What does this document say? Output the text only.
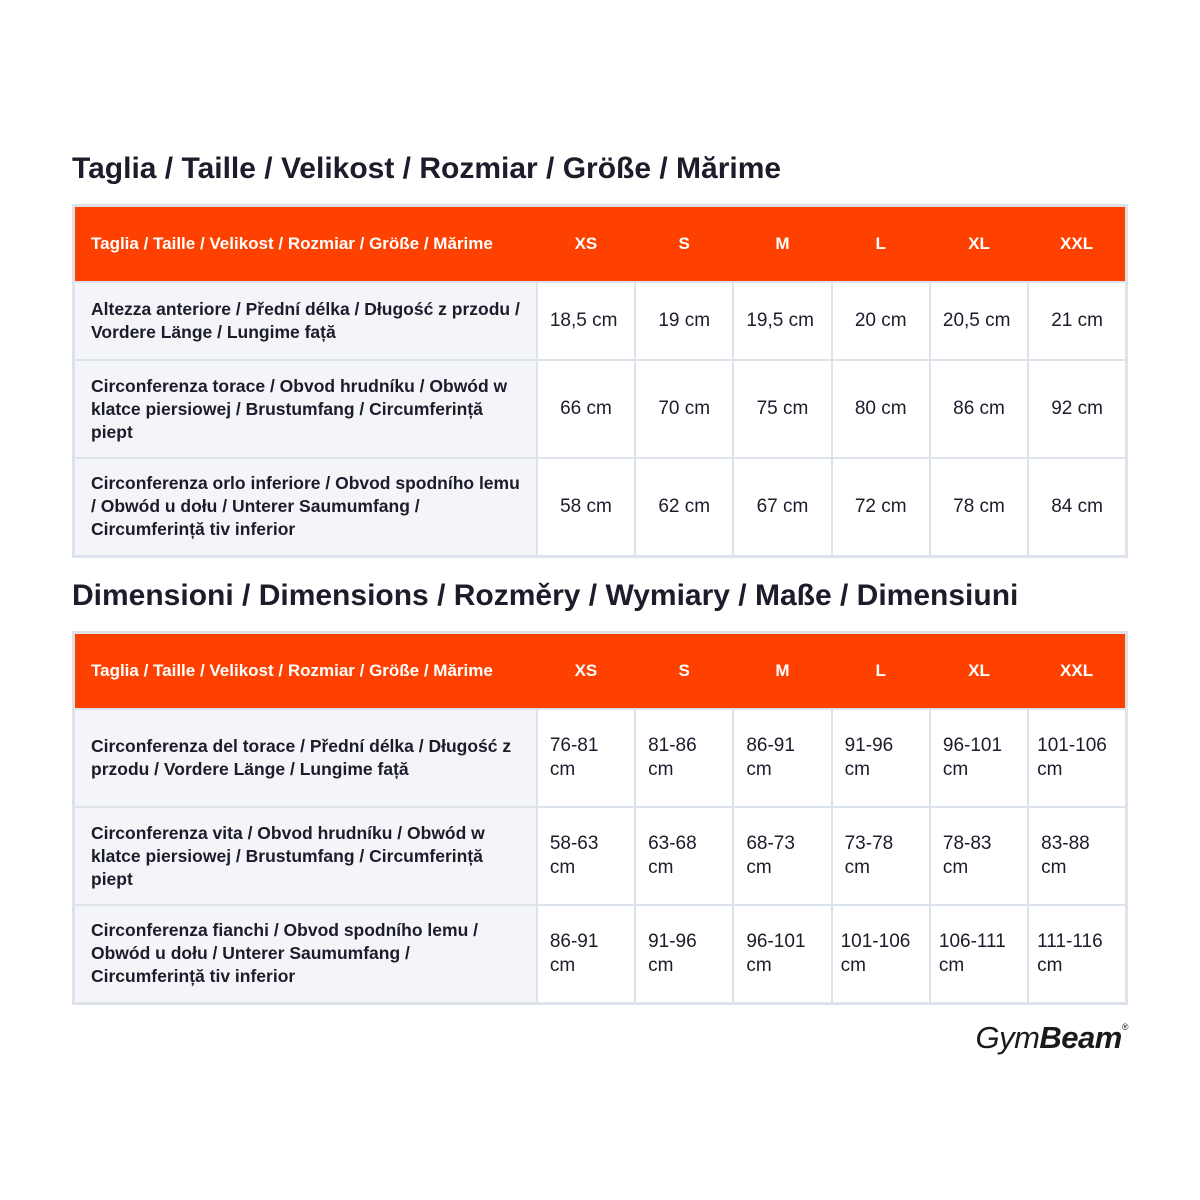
Taglia / Taille / Velikost / Rozmiar / Größe / Mărime
Taglia / Taille / Velikost / Rozmiar / Größe / Mărime	XS	S	M	L	XL	XXL
Altezza anteriore / Přední délka / Długość z przodu / Vordere Länge / Lungime față	18,5 cm	19 cm	19,5 cm	20 cm	20,5 cm	21 cm
Circonferenza torace / Obvod hrudníku / Obwód w klatce piersiowej / Brustumfang / Circumferință piept	66 cm	70 cm	75 cm	80 cm	86 cm	92 cm
Circonferenza orlo inferiore / Obvod spodního lemu / Obwód u dołu / Unterer Saumumfang / Circumferință tiv inferior	58 cm	62 cm	67 cm	72 cm	78 cm	84 cm
Dimensioni / Dimensions / Rozměry / Wymiary / Maße / Dimensiuni
Taglia / Taille / Velikost / Rozmiar / Größe / Mărime	XS	S	M	L	XL	XXL
Circonferenza del torace / Přední délka / Długość z przodu / Vordere Länge / Lungime față	76-81 cm	81-86 cm	86-91 cm	91-96 cm	96-101 cm	101-106 cm
Circonferenza vita / Obvod hrudníku / Obwód w klatce piersiowej / Brustumfang / Circumferință piept	58-63 cm	63-68 cm	68-73 cm	73-78 cm	78-83 cm	83-88 cm
Circonferenza fianchi / Obvod spodního lemu / Obwód u dołu / Unterer Saumumfang / Circumferință tiv inferior	86-91 cm	91-96 cm	96-101 cm	101-106 cm	106-111 cm	111-116 cm
GymBeam®
